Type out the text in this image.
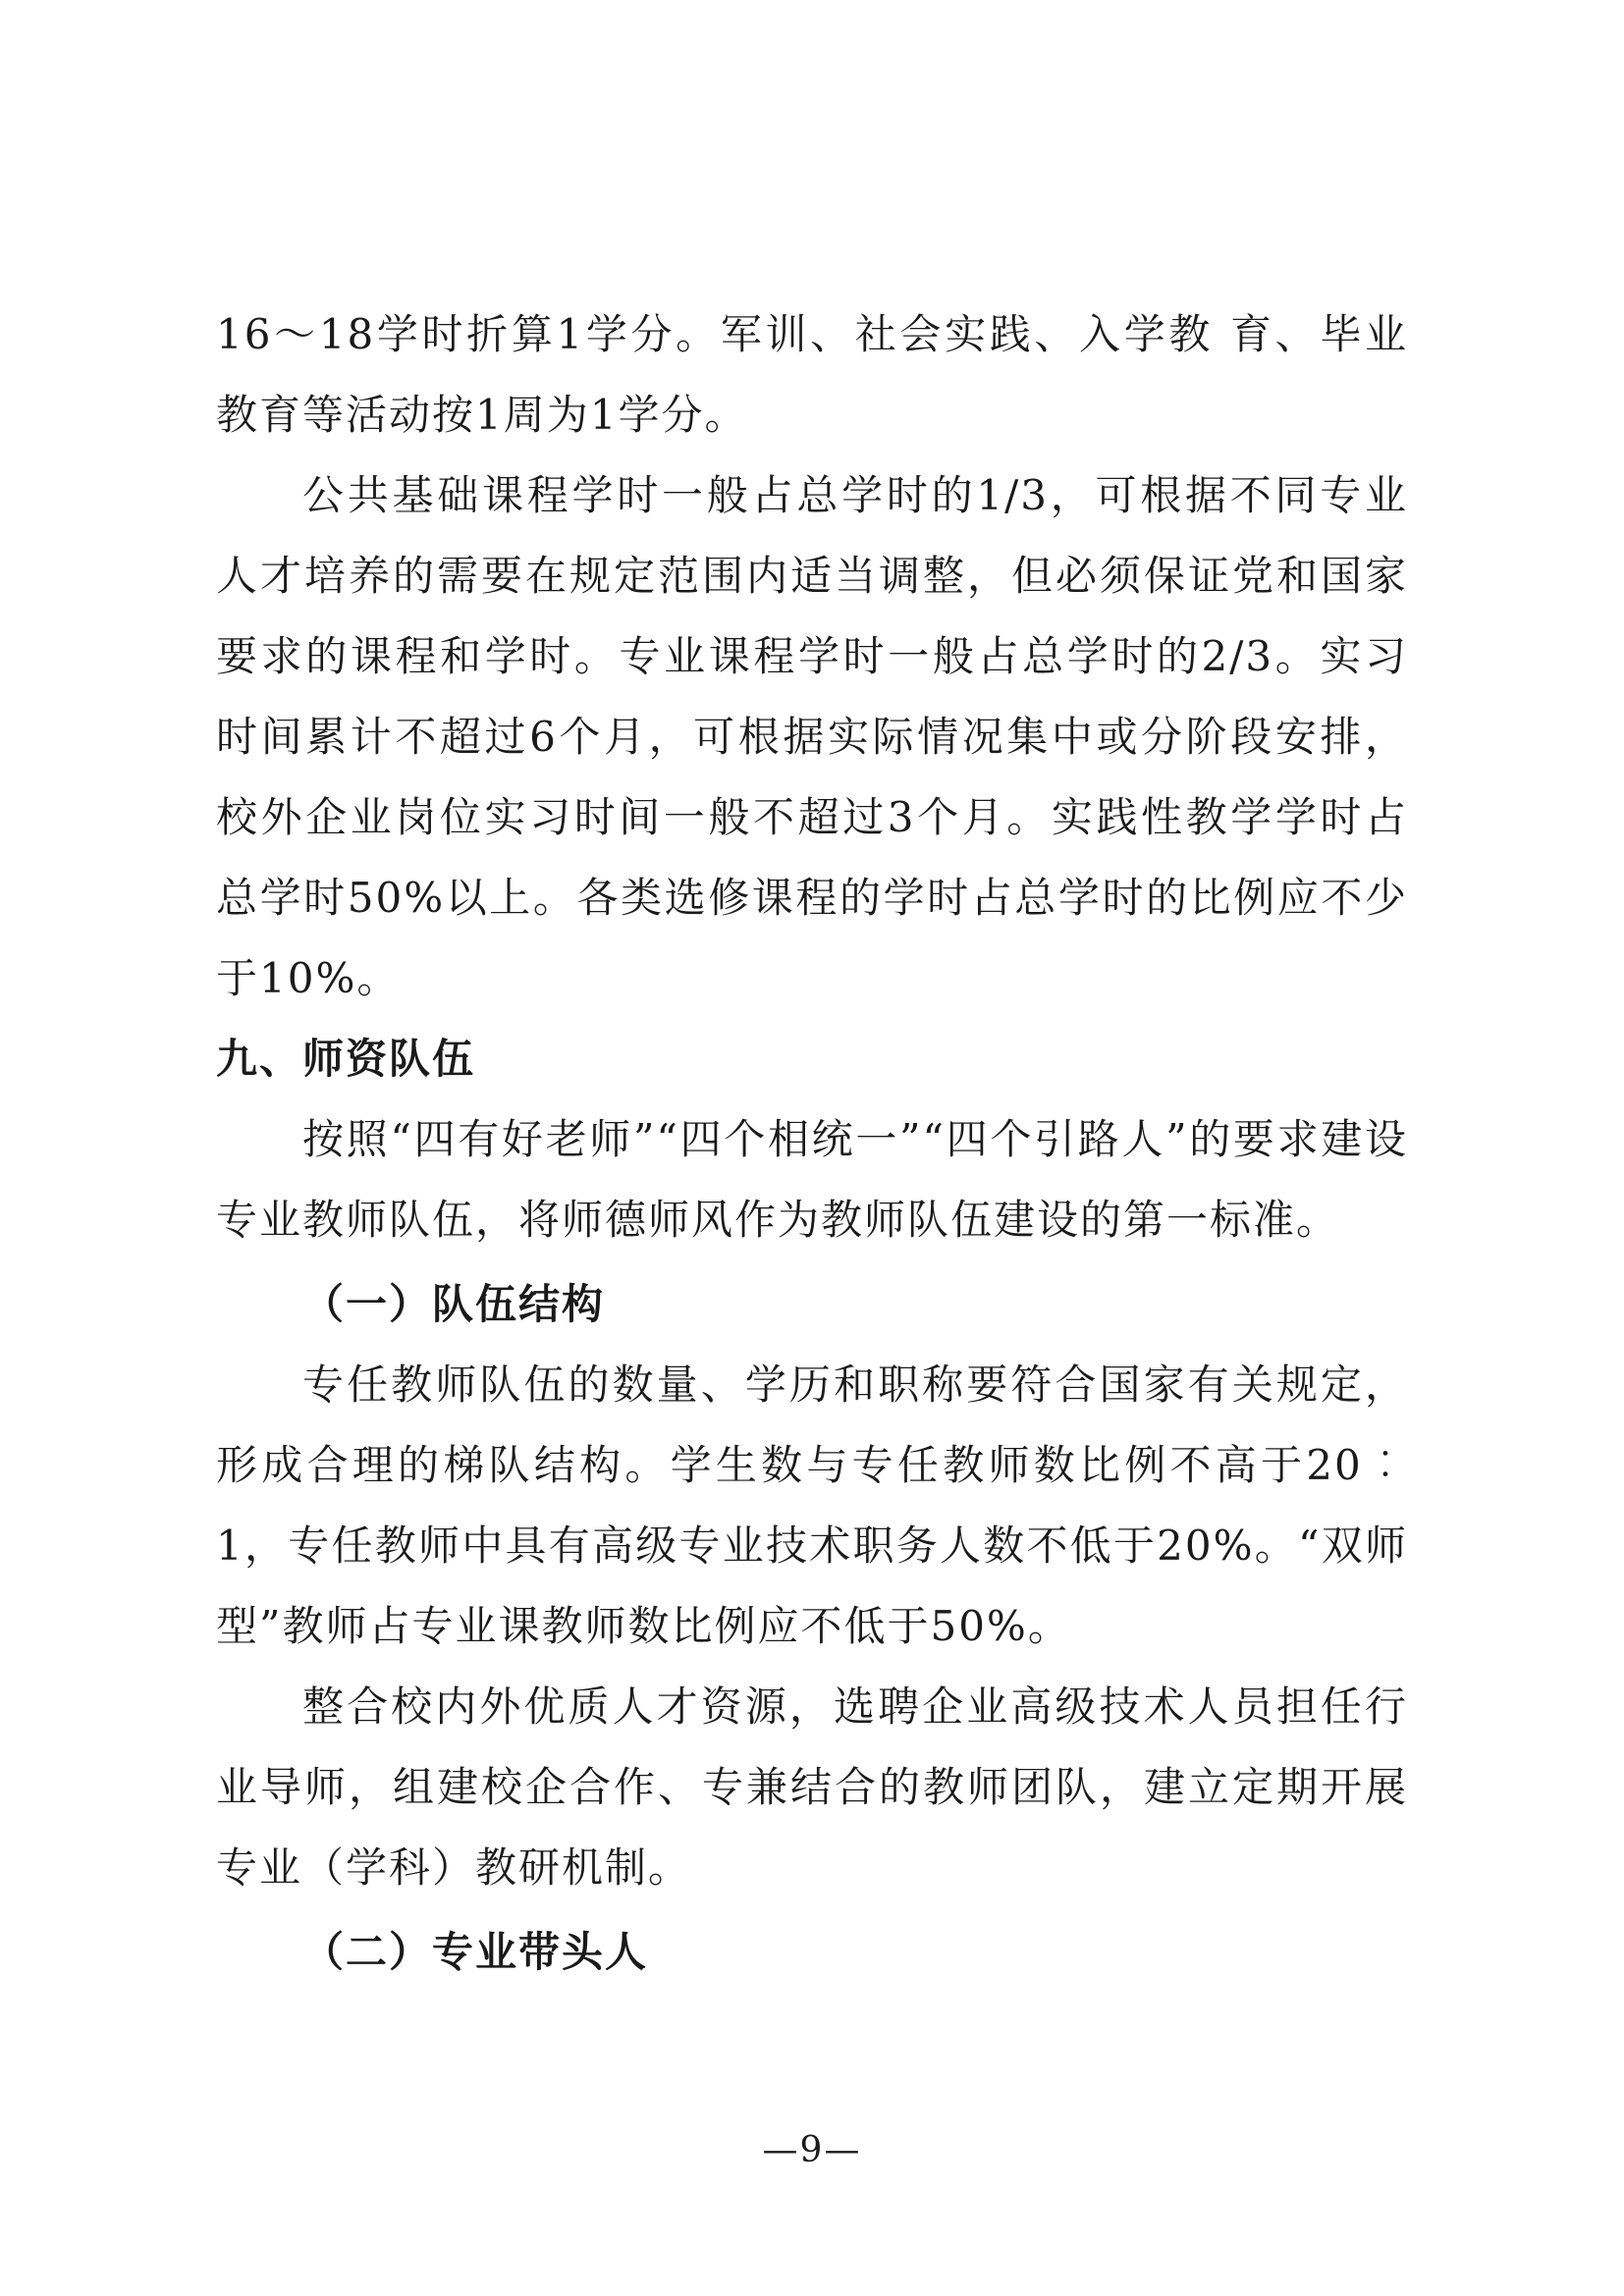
16～18学时折算1学分。军训、社会实践、入学教 育、毕业教育等活动按1周为1学分。

公共基础课程学时一般占总学时的1/3，可根据不同专业人才培养的需要在规定范围内适当调整，但必须保证党和国家要求的课程和学时。专业课程学时一般占总学时的2/3。实习时间累计不超过6个月，可根据实际情况集中或分阶段安排，校外企业岗位实习时间一般不超过3个月。实践性教学学时占总学时50%以上。各类选修课程的学时占总学时的比例应不少于10%。

九、师资队伍

按照“四有好老师”“四个相统一”“四个引路人”的要求建设专业教师队伍，将师德师风作为教师队伍建设的第一标准。

（一）队伍结构

专任教师队伍的数量、学历和职称要符合国家有关规定，形成合理的梯队结构。学生数与专任教师数比例不高于20︰1，专任教师中具有高级专业技术职务人数不低于20%。“双师型”教师占专业课教师数比例应不低于50%。

整合校内外优质人才资源，选聘企业高级技术人员担任行业导师，组建校企合作、专兼结合的教师团队，建立定期开展专业（学科）教研机制。

（二）专业带头人

—9—
